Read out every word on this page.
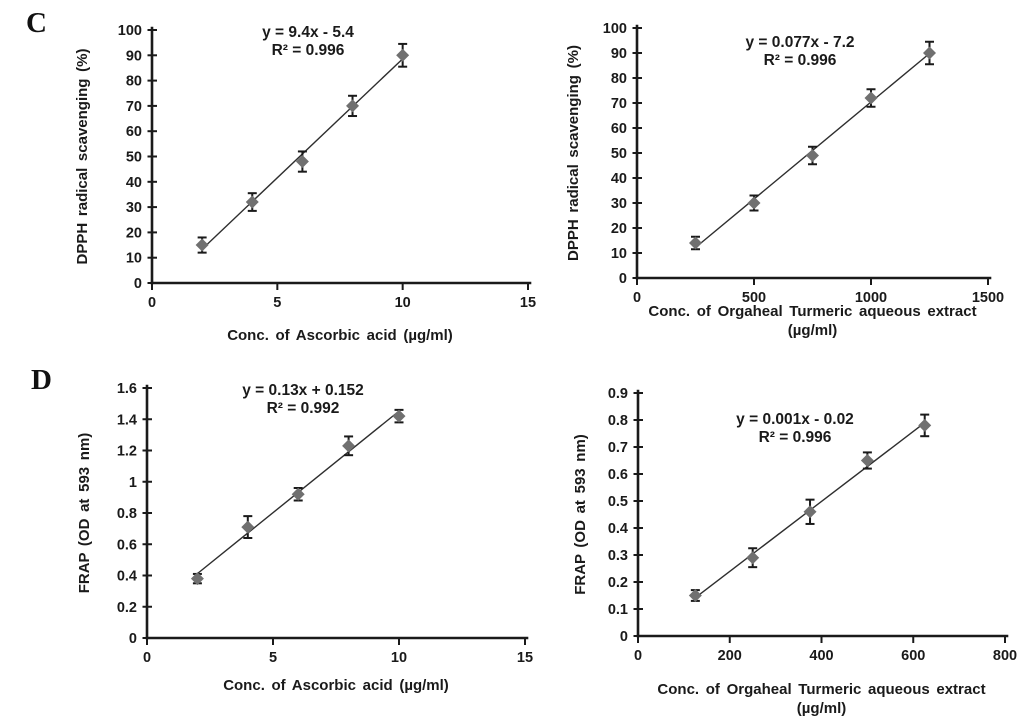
C
D
0
10
20
30
40
50
60
70
80
90
100
0	5	10	15
DPPH radical scavenging (%)
Conc. of Ascorbic acid (µg/ml)
y = 9.4x - 5.4
R² = 0.996
0
10
20
30
40
50
60
70
80
90
100
0	500	1000	1500
DPPH radical scavenging (%)
Conc. of Orgaheal Turmeric aqueous extract
(µg/ml)
y = 0.077x - 7.2
R² = 0.996
0
0.2
0.4
0.6
0.8
1
1.2
1.4
1.6
0	5	10	15
FRAP (OD at 593 nm)
Conc. of Ascorbic acid (µg/ml)
y = 0.13x + 0.152
R² = 0.992
0
0.1
0.2
0.3
0.4
0.5
0.6
0.7
0.8
0.9
0	200	400	600	800
FRAP (OD at 593 nm)
Conc. of Orgaheal Turmeric aqueous extract
(µg/ml)
y = 0.001x - 0.02
R² = 0.996
